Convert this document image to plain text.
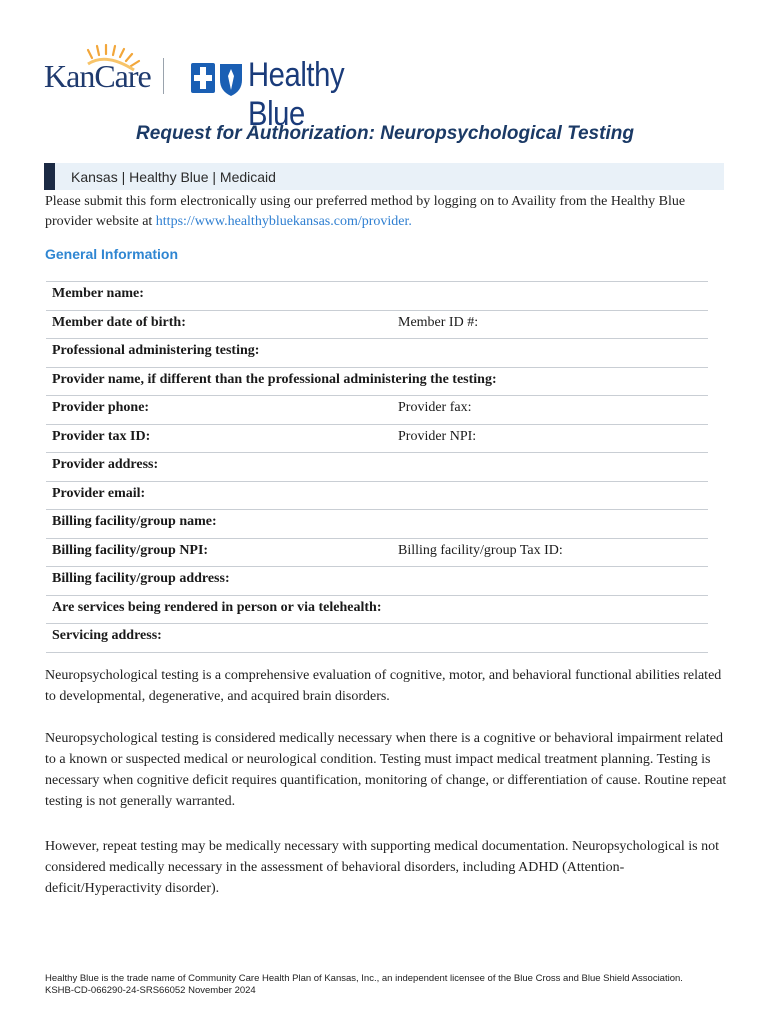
KanCare	Healthy Blue
Request for Authorization: Neuropsychological Testing
Kansas | Healthy Blue | Medicaid
Please submit this form electronically using our preferred method by logging on to Availity from the Healthy Blue provider website at https://www.healthybluekansas.com/provider.
General Information
Member name:
Member date of birth:	Member ID #:
Professional administering testing:
Provider name, if different than the professional administering the testing:
Provider phone:	Provider fax:
Provider tax ID:	Provider NPI:
Provider address:
Provider email:
Billing facility/group name:
Billing facility/group NPI:	Billing facility/group Tax ID:
Billing facility/group address:
Are services being rendered in person or via telehealth:
Servicing address:
Neuropsychological testing is a comprehensive evaluation of cognitive, motor, and behavioral functional abilities related to developmental, degenerative, and acquired brain disorders.
Neuropsychological testing is considered medically necessary when there is a cognitive or behavioral impairment related to a known or suspected medical or neurological condition. Testing must impact medical treatment planning. Testing is necessary when cognitive deficit requires quantification, monitoring of change, or differentiation of cause. Routine repeat testing is not generally warranted.
However, repeat testing may be medically necessary with supporting medical documentation. Neuropsychological is not considered medically necessary in the assessment of behavioral disorders, including ADHD (Attention-deficit/Hyperactivity disorder).
Healthy Blue is the trade name of Community Care Health Plan of Kansas, Inc., an independent licensee of the Blue Cross and Blue Shield Association.
KSHB-CD-066290-24-SRS66052 November 2024
